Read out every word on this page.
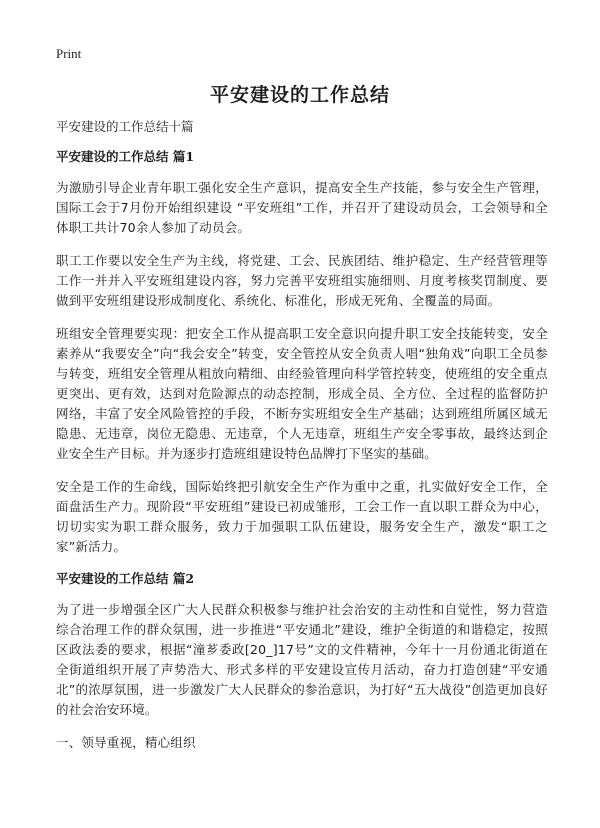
Print
平安建设的工作总结

平安建设的工作总结十篇

平安建设的工作总结 篇1

为激励引导企业青年职工强化安全生产意识，提高安全生产技能，参与安全生产管理，国际工会于7月份开始组织建设 “平安班组”工作，并召开了建设动员会，工会领导和全体职工共计70余人参加了动员会。

职工工作要以安全生产为主线，将党建、工会、民族团结、维护稳定、生产经营管理等工作一并并入平安班组建设内容，努力完善平安班组实施细则、月度考核奖罚制度、要做到平安班组建设形成制度化、系统化、标准化，形成无死角、全覆盖的局面。

班组安全管理要实现：把安全工作从提高职工安全意识向提升职工安全技能转变，安全素养从“我要安全”向“我会安全”转变，安全管控从安全负责人唱“独角戏”向职工全员参与转变，班组安全管理从粗放向精细、由经验管理向科学管控转变，使班组的安全重点更突出、更有效，达到对危险源点的动态控制，形成全员、全方位、全过程的监督防护网络，丰富了安全风险管控的手段，不断夯实班组安全生产基础；达到班组所属区域无隐患、无违章，岗位无隐患、无违章，个人无违章，班组生产安全零事故，最终达到企业安全生产目标。并为逐步打造班组建设特色品牌打下坚实的基础。

安全是工作的生命线，国际始终把引航安全生产作为重中之重，扎实做好安全工作，全面盘活生产力。现阶段“平安班组”建设已初成雏形，工会工作一直以职工群众为中心，切切实实为职工群众服务，致力于加强职工队伍建设，服务安全生产，激发“职工之家”新活力。

平安建设的工作总结 篇2

为了进一步增强全区广大人民群众积极参与维护社会治安的主动性和自觉性，努力营造综合治理工作的群众氛围，进一步推进“平安通北”建设，维护全街道的和谐稳定，按照区政法委的要求，根据“潼芗委政[20_]17号”文的文件精神，今年十一月份通北街道在全街道组织开展了声势浩大、形式多样的平安建设宣传月活动，奋力打造创建“平安通北”的浓厚氛围，进一步激发广大人民群众的参治意识，为打好“五大战役”创造更加良好的社会治安环境。

一、领导重视，精心组织
